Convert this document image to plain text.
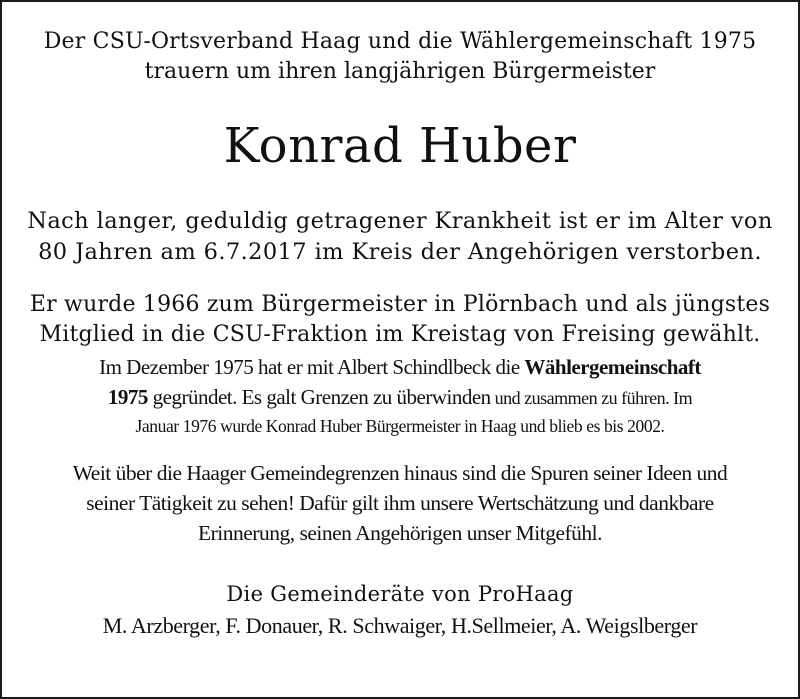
Der CSU-Ortsverband Haag und die Wählergemeinschaft 1975
trauern um ihren langjährigen Bürgermeister
Konrad Huber
Nach langer, geduldig getragener Krankheit ist er im Alter von
80 Jahren am 6.7.2017 im Kreis der Angehörigen verstorben.
Er wurde 1966 zum Bürgermeister in Plörnbach und als jüngstes
Mitglied in die CSU-Fraktion im Kreistag von Freising gewählt.
Im Dezember 1975 hat er mit Albert Schindlbeck die Wählergemeinschaft
1975 gegründet. Es galt Grenzen zu überwinden und zusammen zu führen. Im
Januar 1976 wurde Konrad Huber Bürgermeister in Haag und blieb es bis 2002.
Weit über die Haager Gemeindegrenzen hinaus sind die Spuren seiner Ideen und
seiner Tätigkeit zu sehen! Dafür gilt ihm unsere Wertschätzung und dankbare
Erinnerung, seinen Angehörigen unser Mitgefühl.
Die Gemeinderäte von ProHaag
M. Arzberger, F. Donauer, R. Schwaiger, H.Sellmeier, A. Weigslberger
